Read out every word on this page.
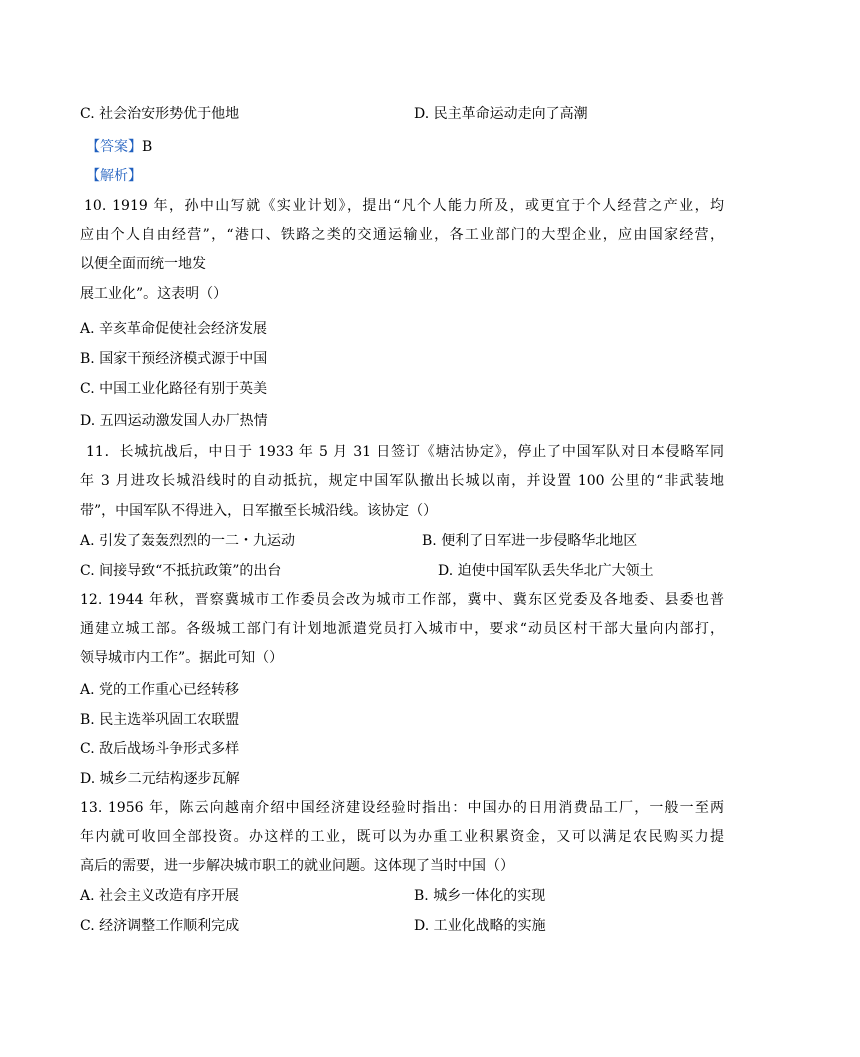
C. 社会治安形势优于他地	D. 民主革命运动走向了高潮
【答案】B
【解析】
10. 1919 年，孙中山写就《实业计划》，提出“凡个人能力所及，或更宜于个人经营之产业，均
应由个人自由经营”，“港口、铁路之类的交通运输业，各工业部门的大型企业，应由国家经营，
以便全面而统一地发
展工业化”。这表明（）
A. 辛亥革命促使社会经济发展
B. 国家干预经济模式源于中国
C. 中国工业化路径有别于英美
D. 五四运动激发国人办厂热情
11．长城抗战后，中日于 1933 年 5 月 31 日签订《塘沽协定》，停止了中国军队对日本侵略军同
年 3 月进攻长城沿线时的自动抵抗，规定中国军队撤出长城以南，并设置 100 公里的“非武装地
带”，中国军队不得进入，日军撤至长城沿线。该协定（）
A. 引发了轰轰烈烈的一二・九运动	B. 便利了日军进一步侵略华北地区
C. 间接导致“不抵抗政策”的出台	D. 迫使中国军队丢失华北广大领土
12. 1944 年秋，晋察冀城市工作委员会改为城市工作部，冀中、冀东区党委及各地委、县委也普
通建立城工部。各级城工部门有计划地派遣党员打入城市中，要求“动员区村干部大量向内部打，
领导城市内工作”。据此可知（）
A. 党的工作重心已经转移
B. 民主选举巩固工农联盟
C. 敌后战场斗争形式多样
D. 城乡二元结构逐步瓦解
13. 1956 年，陈云向越南介绍中国经济建设经验时指出：中国办的日用消费品工厂，一般一至两
年内就可收回全部投资。办这样的工业，既可以为办重工业积累资金，又可以满足农民购买力提
高后的需要，进一步解决城市职工的就业问题。这体现了当时中国（）
A. 社会主义改造有序开展	B. 城乡一体化的实现
C. 经济调整工作顺利完成	D. 工业化战略的实施
